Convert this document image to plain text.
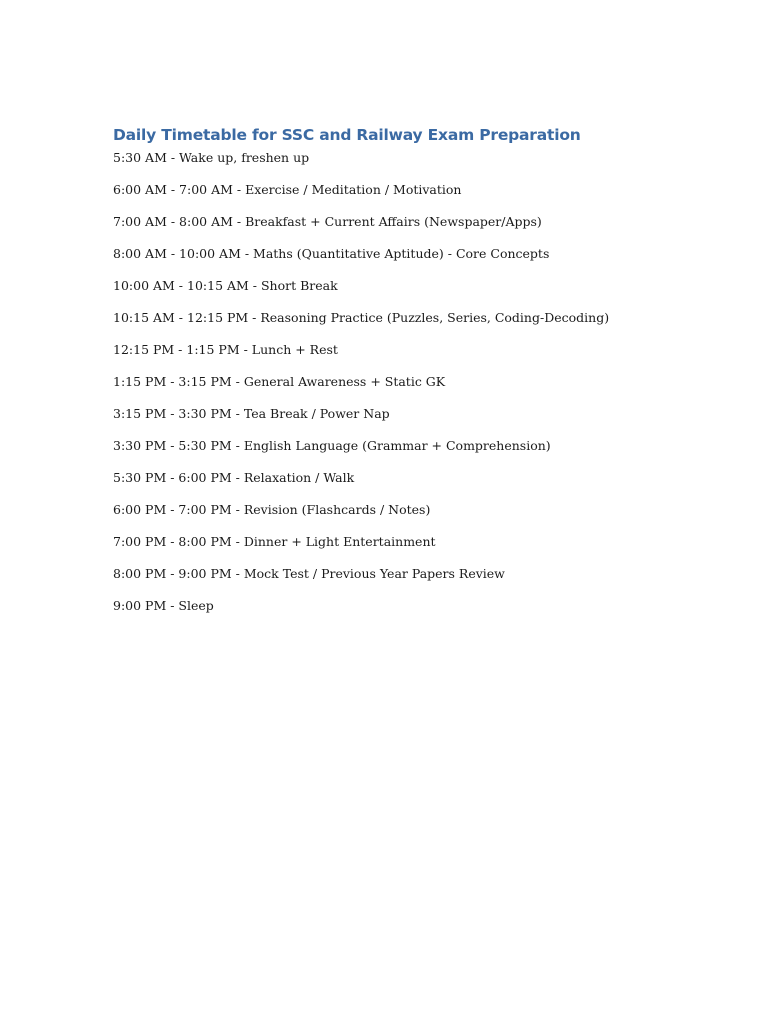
Daily Timetable for SSC and Railway Exam Preparation
5:30 AM - Wake up, freshen up
6:00 AM - 7:00 AM - Exercise / Meditation / Motivation
7:00 AM - 8:00 AM - Breakfast + Current Affairs (Newspaper/Apps)
8:00 AM - 10:00 AM - Maths (Quantitative Aptitude) - Core Concepts
10:00 AM - 10:15 AM - Short Break
10:15 AM - 12:15 PM - Reasoning Practice (Puzzles, Series, Coding-Decoding)
12:15 PM - 1:15 PM - Lunch + Rest
1:15 PM - 3:15 PM - General Awareness + Static GK
3:15 PM - 3:30 PM - Tea Break / Power Nap
3:30 PM - 5:30 PM - English Language (Grammar + Comprehension)
5:30 PM - 6:00 PM - Relaxation / Walk
6:00 PM - 7:00 PM - Revision (Flashcards / Notes)
7:00 PM - 8:00 PM - Dinner + Light Entertainment
8:00 PM - 9:00 PM - Mock Test / Previous Year Papers Review
9:00 PM - Sleep
